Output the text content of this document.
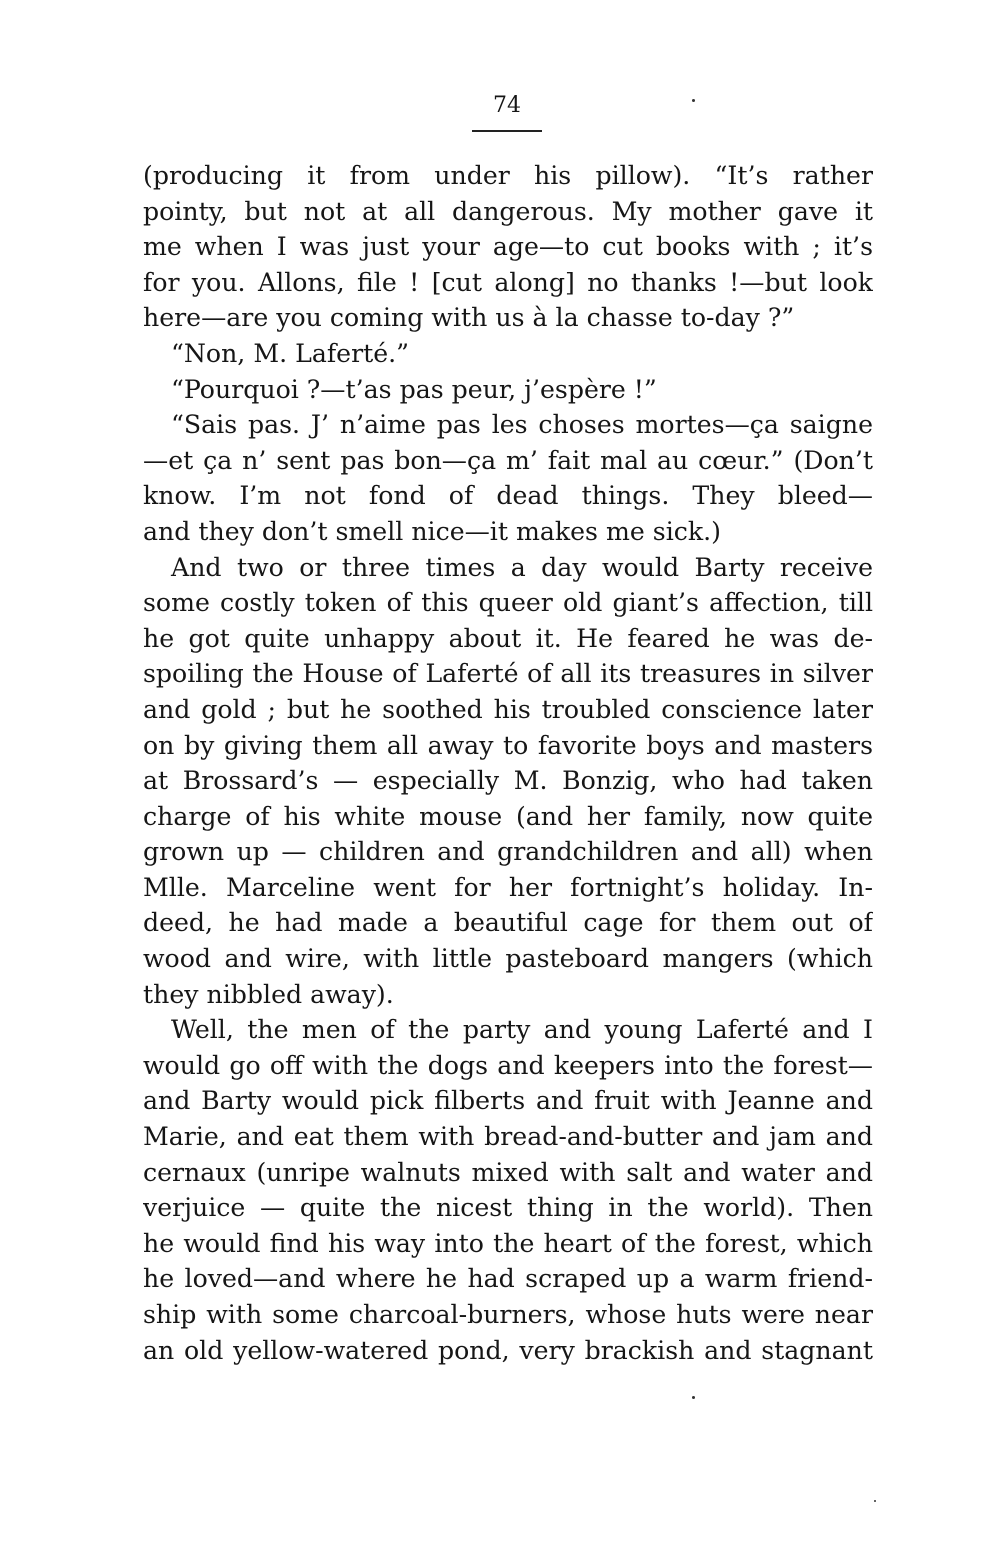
74
(producing it from under his pillow). “It’s rather
pointy, but not at all dangerous. My mother gave it
me when I was just your age—to cut books with ; it’s
for you. Allons, file ! [cut along] no thanks !—but look
here—are you coming with us à la chasse to-day ?”
“Non, M. Laferté.”
“Pourquoi ?—t’as pas peur, j’espère !”
“Sais pas. J’ n’aime pas les choses mortes—ça saigne
—et ça n’ sent pas bon—ça m’ fait mal au cœur.” (Don’t
know. I’m not fond of dead things. They bleed—
and they don’t smell nice—it makes me sick.)
And two or three times a day would Barty receive
some costly token of this queer old giant’s affection, till
he got quite unhappy about it. He feared he was de-
spoiling the House of Laferté of all its treasures in silver
and gold ; but he soothed his troubled conscience later
on by giving them all away to favorite boys and masters
at Brossard’s — especially M. Bonzig, who had taken
charge of his white mouse (and her family, now quite
grown up — children and grandchildren and all) when
Mlle. Marceline went for her fortnight’s holiday. In-
deed, he had made a beautiful cage for them out of
wood and wire, with little pasteboard mangers (which
they nibbled away).
Well, the men of the party and young Laferté and I
would go off with the dogs and keepers into the forest—
and Barty would pick filberts and fruit with Jeanne and
Marie, and eat them with bread-and-butter and jam and
cernaux (unripe walnuts mixed with salt and water and
verjuice — quite the nicest thing in the world). Then
he would find his way into the heart of the forest, which
he loved—and where he had scraped up a warm friend-
ship with some charcoal-burners, whose huts were near
an old yellow-watered pond, very brackish and stagnant
